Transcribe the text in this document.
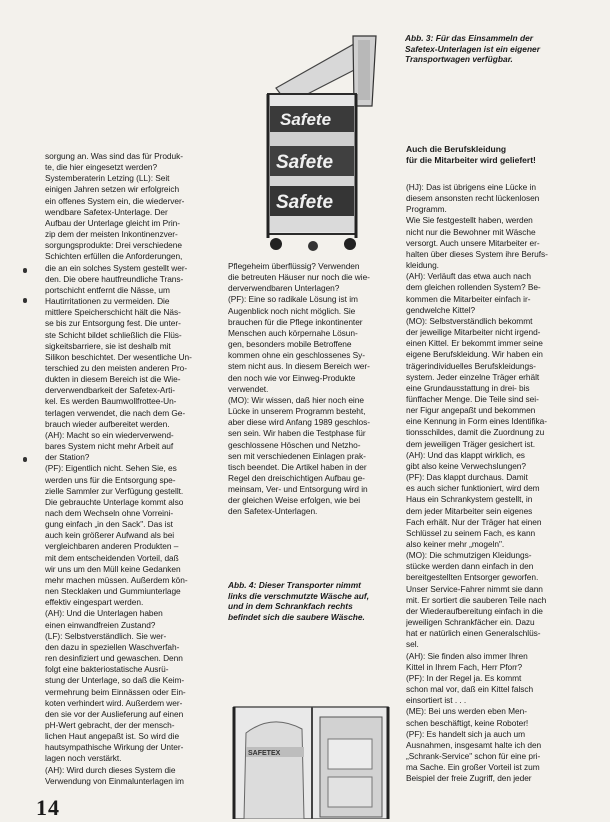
Safete
Safete
Safete

Abb. 3: Für das Einsammeln der

Safetex-Unterlagen ist ein eigener

Transportwagen verfügbar.

Auch die Berufskleidung

für die Mitarbeiter wird geliefert!

sorgung an. Was sind das für Produk-

te, die hier eingesetzt werden?

Systemberaterin Letzing (LL): Seit

einigen Jahren setzen wir erfolgreich

ein offenes System ein, die wiederver-

wendbare Safetex-Unterlage. Der

Aufbau der Unterlage gleicht im Prin-

zip dem der meisten Inkontinenzver-

sorgungsprodukte: Drei verschiedene

Schichten erfüllen die Anforderungen,

die an ein solches System gestellt wer-

den. Die obere hautfreundliche Trans-

portschicht entfernt die Nässe, um

Hautirritationen zu vermeiden. Die

mittlere Speicherschicht hält die Näs-

se bis zur Entsorgung fest. Die unter-

ste Schicht bildet schließlich die Flüs-

sigkeitsbarriere, sie ist deshalb mit

Silikon beschichtet. Der wesentliche Un-

terschied zu den meisten anderen Pro-

dukten in diesem Bereich ist die Wie-

derverwendbarkeit der Safetex-Arti-

kel. Es werden Baumwollfrottee-Un-

terlagen verwendet, die nach dem Ge-

brauch wieder aufbereitet werden.

(AH): Macht so ein wiederverwend-

bares System nicht mehr Arbeit auf

der Station?

(PF): Eigentlich nicht. Sehen Sie, es

werden uns für die Entsorgung spe-

zielle Sammler zur Verfügung gestellt.

Die gebrauchte Unterlage kommt also

nach dem Wechseln ohne Vorreini-

gung einfach „in den Sack". Das ist

auch kein größerer Aufwand als bei

vergleichbaren anderen Produkten –

mit dem entscheidenden Vorteil, daß

wir uns um den Müll keine Gedanken

mehr machen müssen. Außerdem kön-

nen Stecklaken und Gummiunterlage

effektiv eingespart werden.

(AH): Und die Unterlagen haben

einen einwandfreien Zustand?

(LF): Selbstverständlich. Sie wer-

den dazu in speziellen Waschverfah-

ren desinfiziert und gewaschen. Denn

folgt eine bakteriostatische Ausrü-

stung der Unterlage, so daß die Keim-

vermehrung beim Einnässen oder Ein-

koten verhindert wird. Außerdem wer-

den sie vor der Auslieferung auf einen

pH-Wert gebracht, der der mensch-

lichen Haut angepaßt ist. So wird die

hautsympathische Wirkung der Unter-

lagen noch verstärkt.

(AH): Wird durch dieses System die

Verwendung von Einmalunterlagen im

Pflegeheim überflüssig? Verwenden

die betreuten Häuser nur noch die wie-

derverwendbaren Unterlagen?

(PF): Eine so radikale Lösung ist im

Augenblick noch nicht möglich. Sie

brauchen für die Pflege inkontinenter

Menschen auch körpernahe Lösun-

gen, besonders mobile Betroffene

kommen ohne ein geschlossenes Sy-

stem nicht aus. In diesem Bereich wer-

den noch wie vor Einweg-Produkte

verwendet.

(MO): Wir wissen, daß hier noch eine

Lücke in unserem Programm besteht,

aber diese wird Anfang 1989 geschlos-

sen sein. Wir haben die Testphase für

geschlossene Höschen und Netzho-

sen mit verschiedenen Einlagen prak-

tisch beendet. Die Artikel haben in der

Regel den dreischichtigen Aufbau ge-

meinsam, Ver- und Entsorgung wird in

der gleichen Weise erfolgen, wie bei

den Safetex-Unterlagen.

(HJ): Das ist übrigens eine Lücke in

diesem ansonsten recht lückenlosen

Programm.

Wie Sie festgestellt haben, werden

nicht nur die Bewohner mit Wäsche

versorgt. Auch unsere Mitarbeiter er-

halten über dieses System ihre Berufs-

kleidung.

(AH): Verläuft das etwa auch nach

dem gleichen rollenden System? Be-

kommen die Mitarbeiter einfach ir-

gendwelche Kittel?

(MO): Selbstverständlich bekommt

der jeweilige Mitarbeiter nicht irgend-

einen Kittel. Er bekommt immer seine

eigene Berufskleidung. Wir haben ein

trägerindividuelles Berufskleidungs-

system. Jeder einzelne Träger erhält

eine Grundausstattung in drei- bis

fünffacher Menge. Die Teile sind sei-

ner Figur angepaßt und bekommen

eine Kennung in Form eines Identifika-

tionsschildes, damit die Zuordnung zu

dem jeweiligen Träger gesichert ist.

(AH): Und das klappt wirklich, es

gibt also keine Verwechslungen?

(PF): Das klappt durchaus. Damit

es auch sicher funktioniert, wird dem

Haus ein Schrankystem gestellt, in

dem jeder Mitarbeiter sein eigenes

Fach erhält. Nur der Träger hat einen

Schlüssel zu seinem Fach, es kann

also keiner mehr „mogeln".

(MO): Die schmutzigen Kleidungs-

stücke werden dann einfach in den

bereitgestellten Entsorger geworfen.

Unser Service-Fahrer nimmt sie dann

mit. Er sortiert die sauberen Teile nach

der Wiederaufbereitung einfach in die

jeweiligen Schrankfächer ein. Dazu

hat er natürlich einen Generalschlüs-

sel.

(AH): Sie finden also immer Ihren

Kittel in Ihrem Fach, Herr Pforr?

(PF): In der Regel ja. Es kommt

schon mal vor, daß ein Kittel falsch

einsortiert ist . . .

(ME): Bei uns werden eben Men-

schen beschäftigt, keine Roboter!

(PF): Es handelt sich ja auch um

Ausnahmen, insgesamt halte ich den

„Schrank-Service" schon für eine pri-

ma Sache. Ein großer Vorteil ist zum

Beispiel der freie Zugriff, den jeder

Abb. 4: Dieser Transporter nimmt

links die verschmutzte Wäsche auf,

und in dem Schrankfach rechts

befindet sich die saubere Wäsche.

SAFETEX
14
